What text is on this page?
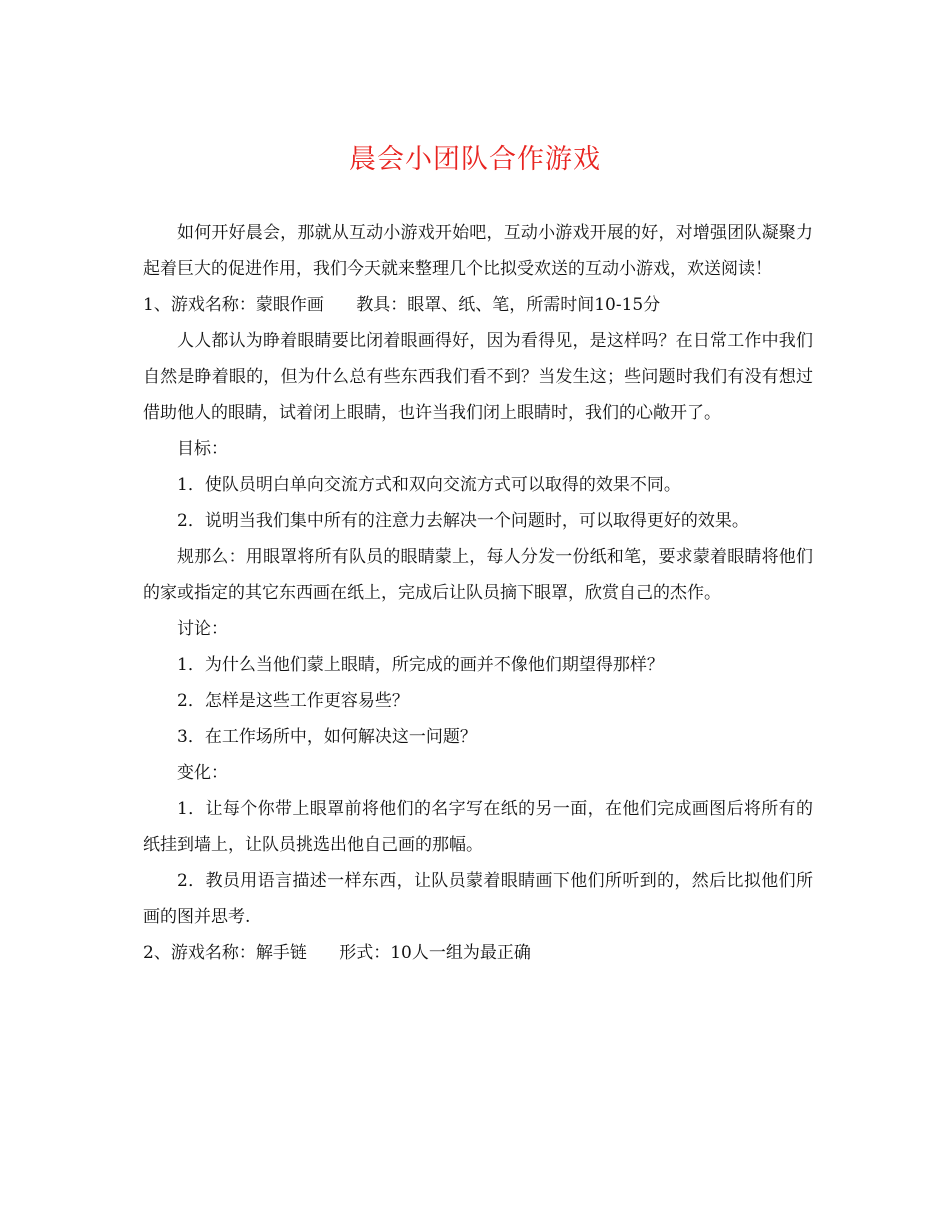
晨会小团队合作游戏

如何开好晨会，那就从互动小游戏开始吧，互动小游戏开展的好，对增强团队凝聚力起着巨大的促进作用，我们今天就来整理几个比拟受欢送的互动小游戏，欢送阅读！

1、游戏名称：蒙眼作画      教具：眼罩、纸、笔，所需时间10-15分

人人都认为睁着眼睛要比闭着眼画得好，因为看得见，是这样吗？在日常工作中我们自然是睁着眼的，但为什么总有些东西我们看不到？当发生这；些问题时我们有没有想过借助他人的眼睛，试着闭上眼睛，也许当我们闭上眼睛时，我们的心敞开了。

目标：

1．使队员明白单向交流方式和双向交流方式可以取得的效果不同。

2．说明当我们集中所有的注意力去解决一个问题时，可以取得更好的效果。

规那么：用眼罩将所有队员的眼睛蒙上，每人分发一份纸和笔，要求蒙着眼睛将他们的家或指定的其它东西画在纸上，完成后让队员摘下眼罩，欣赏自己的杰作。

讨论：

1．为什么当他们蒙上眼睛，所完成的画并不像他们期望得那样？

2．怎样是这些工作更容易些？

3．在工作场所中，如何解决这一问题？

变化：

1．让每个你带上眼罩前将他们的名字写在纸的另一面，在他们完成画图后将所有的纸挂到墙上，让队员挑选出他自己画的那幅。

2．教员用语言描述一样东西，让队员蒙着眼睛画下他们所听到的，然后比拟他们所画的图并思考.

2、游戏名称：解手链      形式：10人一组为最正确
